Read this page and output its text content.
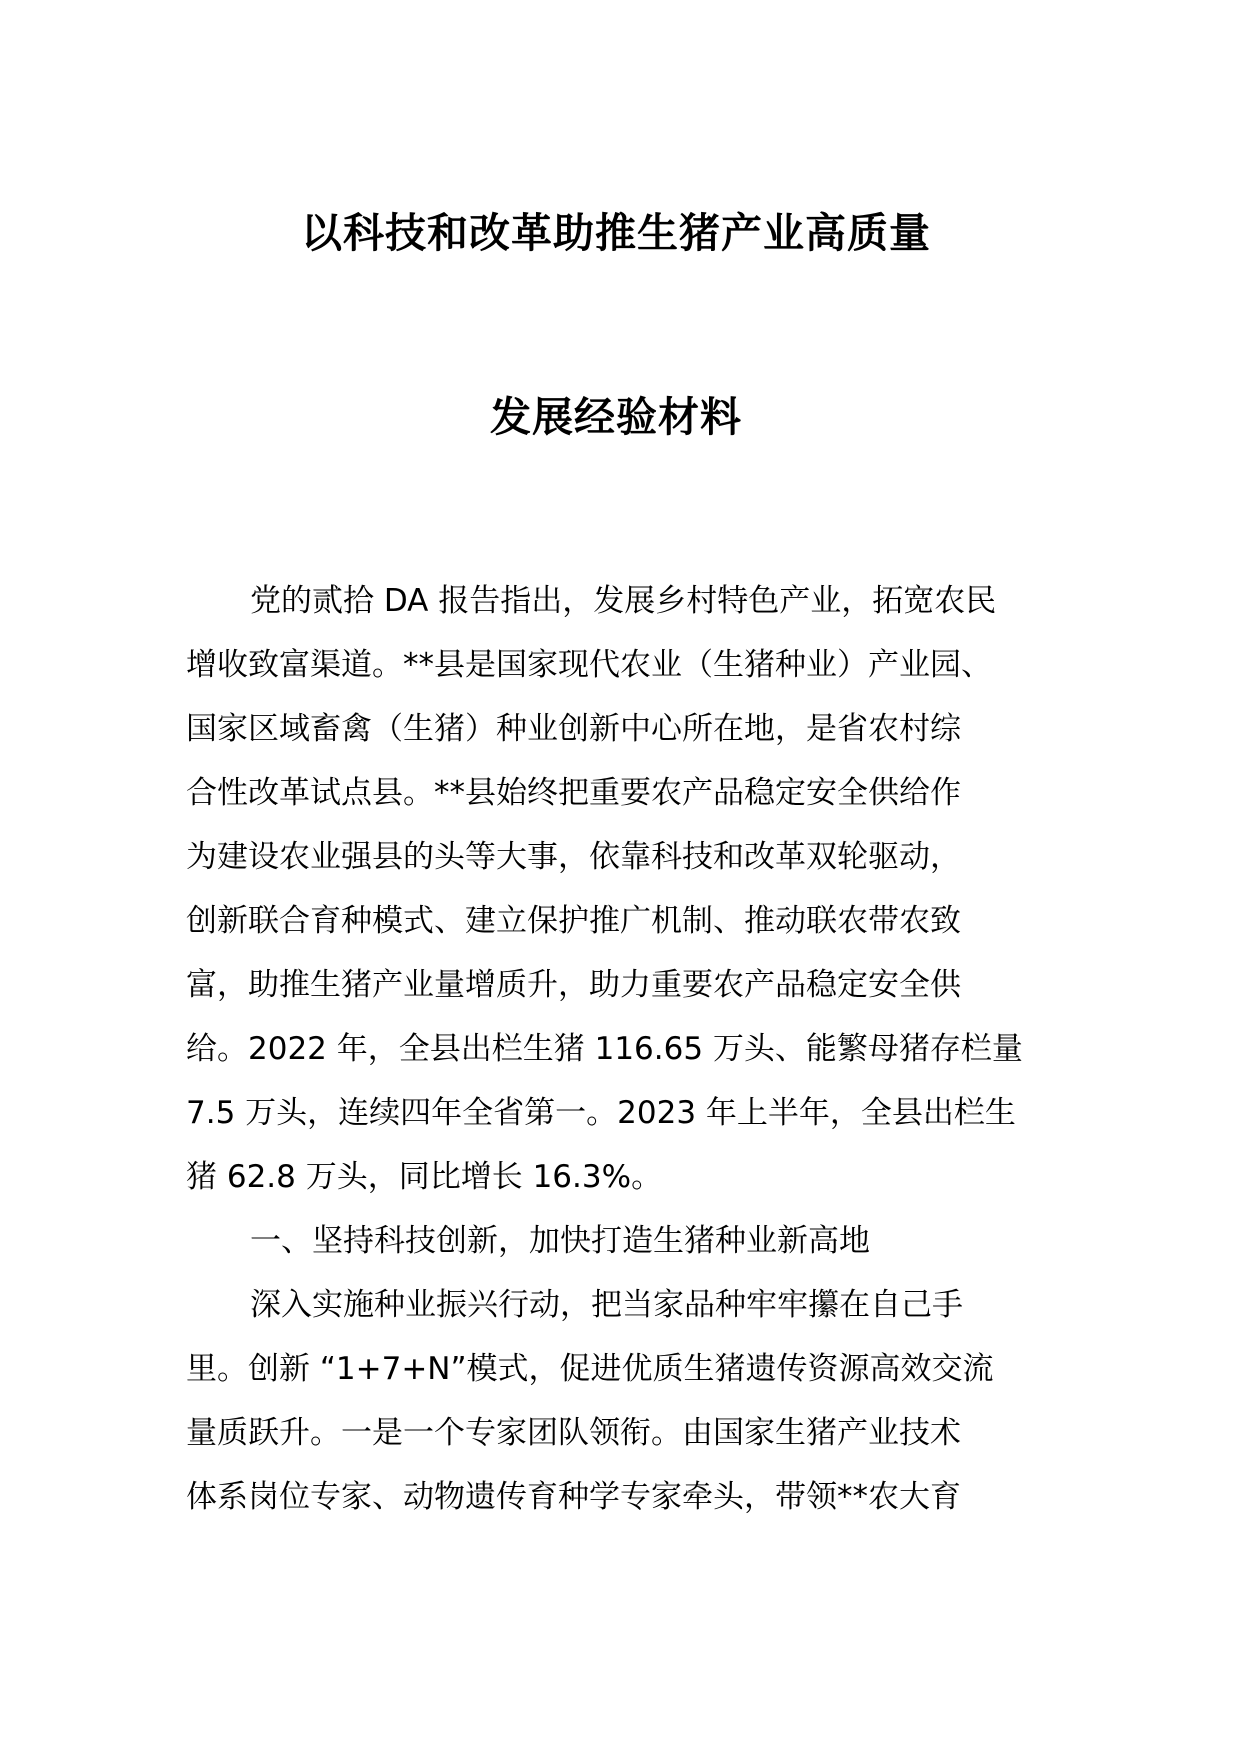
以科技和改革助推生猪产业高质量
发展经验材料
党的贰拾 DA 报告指出，发展乡村特色产业，拓宽农民
增收致富渠道。**县是国家现代农业（生猪种业）产业园、
国家区域畜禽（生猪）种业创新中心所在地，是省农村综
合性改革试点县。**县始终把重要农产品稳定安全供给作
为建设农业强县的头等大事，依靠科技和改革双轮驱动，
创新联合育种模式、建立保护推广机制、推动联农带农致
富，助推生猪产业量增质升，助力重要农产品稳定安全供
给。2022 年，全县出栏生猪 116.65 万头、能繁母猪存栏量
7.5 万头，连续四年全省第一。2023 年上半年，全县出栏生
猪 62.8 万头，同比增长 16.3%。
一、坚持科技创新，加快打造生猪种业新高地
深入实施种业振兴行动，把当家品种牢牢攥在自己手
里。创新 “1+7+N”模式，促进优质生猪遗传资源高效交流
量质跃升。一是一个专家团队领衔。由国家生猪产业技术
体系岗位专家、动物遗传育种学专家牵头，带领**农大育
